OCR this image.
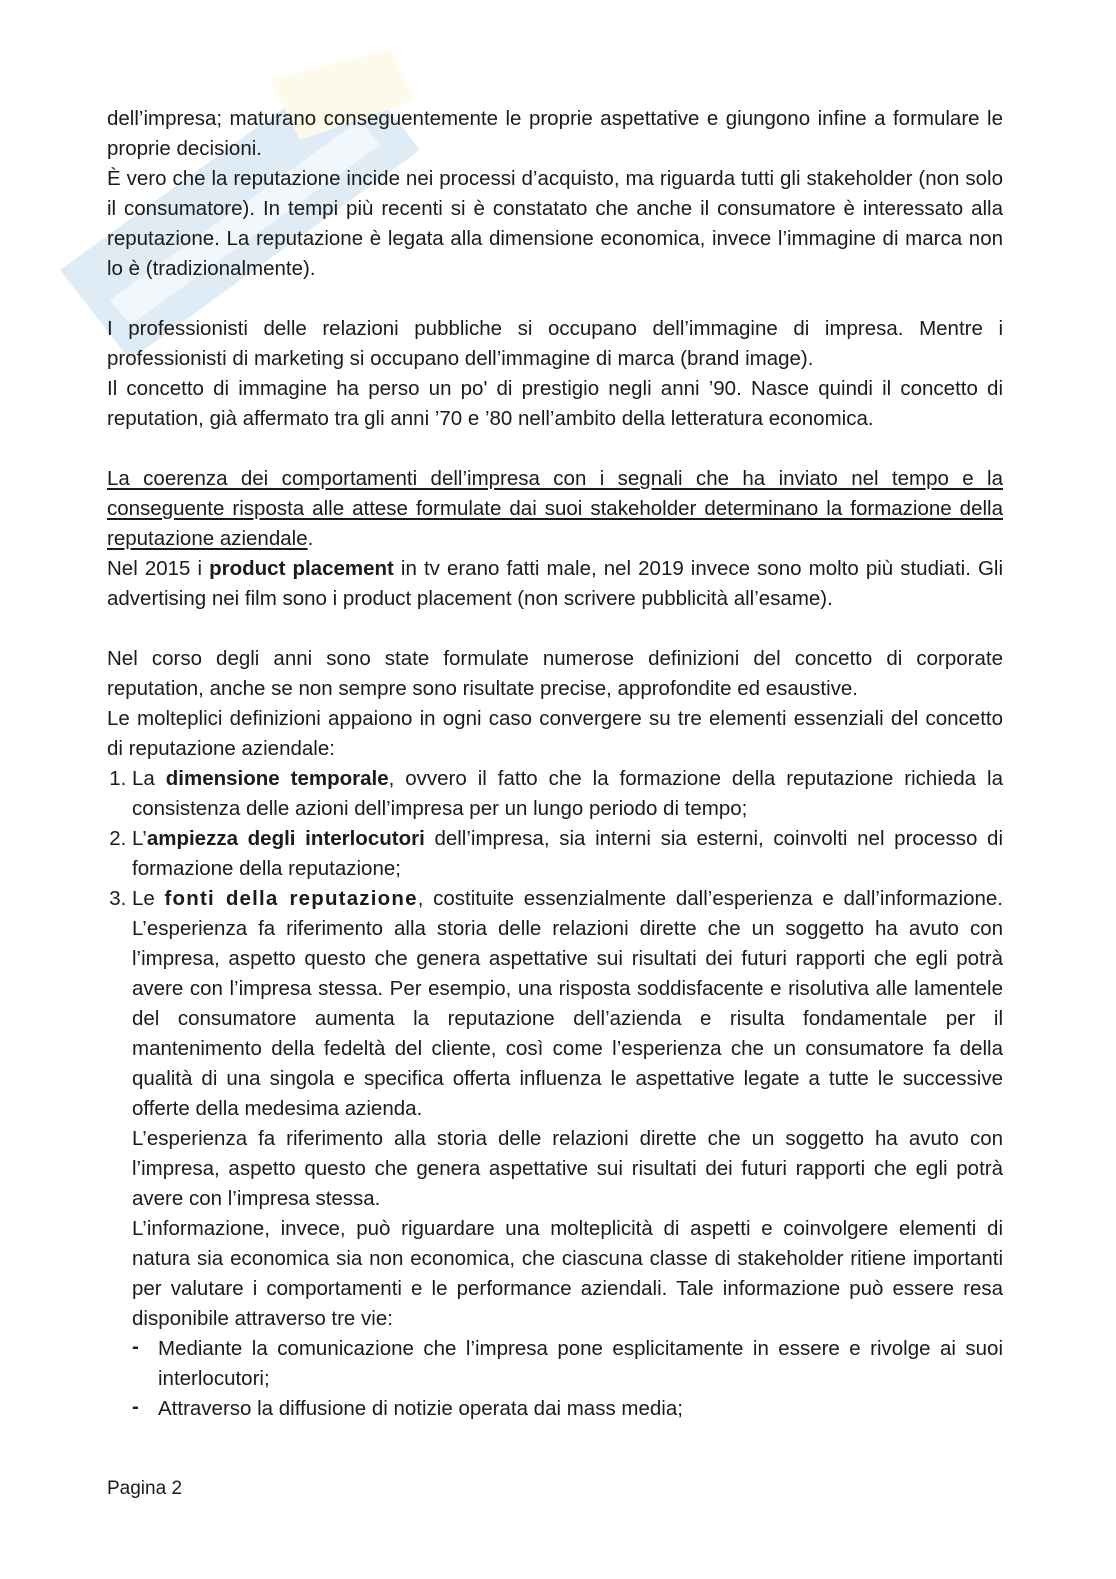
dell’impresa; maturano conseguentemente le proprie aspettative e giungono infine a formulare le proprie decisioni.

È vero che la reputazione incide nei processi d’acquisto, ma riguarda tutti gli stakeholder (non solo il consumatore). In tempi più recenti si è constatato che anche il consumatore è interessato alla reputazione. La reputazione è legata alla dimensione economica, invece l’immagine di marca non lo è (tradizionalmente).

I professionisti delle relazioni pubbliche si occupano dell’immagine di impresa. Mentre i professionisti di marketing si occupano dell’immagine di marca (brand image).

Il concetto di immagine ha perso un po' di prestigio negli anni ’90. Nasce quindi il concetto di reputation, già affermato tra gli anni ’70 e ’80 nell’ambito della letteratura economica.

La coerenza dei comportamenti dell’impresa con i segnali che ha inviato nel tempo e la conseguente risposta alle attese formulate dai suoi stakeholder determinano la formazione della reputazione aziendale.

Nel 2015 i product placement in tv erano fatti male, nel 2019 invece sono molto più studiati. Gli advertising nei film sono i product placement (non scrivere pubblicità all’esame).

Nel corso degli anni sono state formulate numerose definizioni del concetto di corporate reputation, anche se non sempre sono risultate precise, approfondite ed esaustive.

Le molteplici definizioni appaiono in ogni caso convergere su tre elementi essenziali del concetto di reputazione aziendale:

1. La dimensione temporale, ovvero il fatto che la formazione della reputazione richieda la consistenza delle azioni dell’impresa per un lungo periodo di tempo;
2. L’ampiezza degli interlocutori dell’impresa, sia interni sia esterni, coinvolti nel processo di formazione della reputazione;
3. Le fonti della reputazione, costituite essenzialmente dall’esperienza e dall’informazione. L’esperienza fa riferimento alla storia delle relazioni dirette che un soggetto ha avuto con l’impresa, aspetto questo che genera aspettative sui risultati dei futuri rapporti che egli potrà avere con l’impresa stessa. Per esempio, una risposta soddisfacente e risolutiva alle lamentele del consumatore aumenta la reputazione dell’azienda e risulta fondamentale per il mantenimento della fedeltà del cliente, così come l’esperienza che un consumatore fa della qualità di una singola e specifica offerta influenza le aspettative legate a tutte le successive offerte della medesima azienda.

L’esperienza fa riferimento alla storia delle relazioni dirette che un soggetto ha avuto con l’impresa, aspetto questo che genera aspettative sui risultati dei futuri rapporti che egli potrà avere con l’impresa stessa.

L’informazione, invece, può riguardare una molteplicità di aspetti e coinvolgere elementi di natura sia economica sia non economica, che ciascuna classe di stakeholder ritiene importanti per valutare i comportamenti e le performance aziendali. Tale informazione può essere resa disponibile attraverso tre vie:

- Mediante la comunicazione che l’impresa pone esplicitamente in essere e rivolge ai suoi interlocutori;
- Attraverso la diffusione di notizie operata dai mass media;
Pagina 2
